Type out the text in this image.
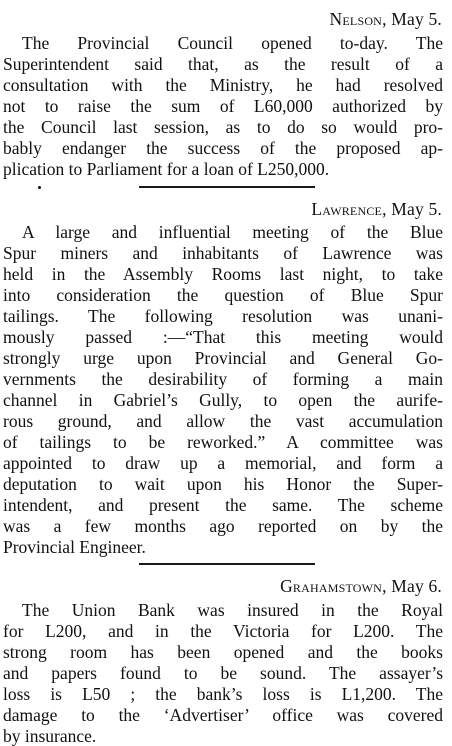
Nelson, May 5.
The Provincial Council opened to-day. The
Superintendent said that, as the result of a
consultation with the Ministry, he had resolved
not to raise the sum of L60,000 authorized by
the Council last session, as to do so would pro-
bably endanger the success of the proposed ap-
plication to Parliament for a loan of L250,000.
Lawrence, May 5.
A large and influential meeting of the Blue
Spur miners and inhabitants of Lawrence was
held in the Assembly Rooms last night, to take
into consideration the question of Blue Spur
tailings. The following resolution was unani-
mously passed :—“That this meeting would
strongly urge upon Provincial and General Go-
vernments the desirability of forming a main
channel in Gabriel’s Gully, to open the aurife-
rous ground, and allow the vast accumulation
of tailings to be reworked.” A committee was
appointed to draw up a memorial, and form a
deputation to wait upon his Honor the Super-
intendent, and present the same. The scheme
was a few months ago reported on by the
Provincial Engineer.
Grahamstown, May 6.
The Union Bank was insured in the Royal
for L200, and in the Victoria for L200. The
strong room has been opened and the books
and papers found to be sound. The assayer’s
loss is L50 ; the bank’s loss is L1,200. The
damage to the ‘Advertiser’ office was covered
by insurance.
